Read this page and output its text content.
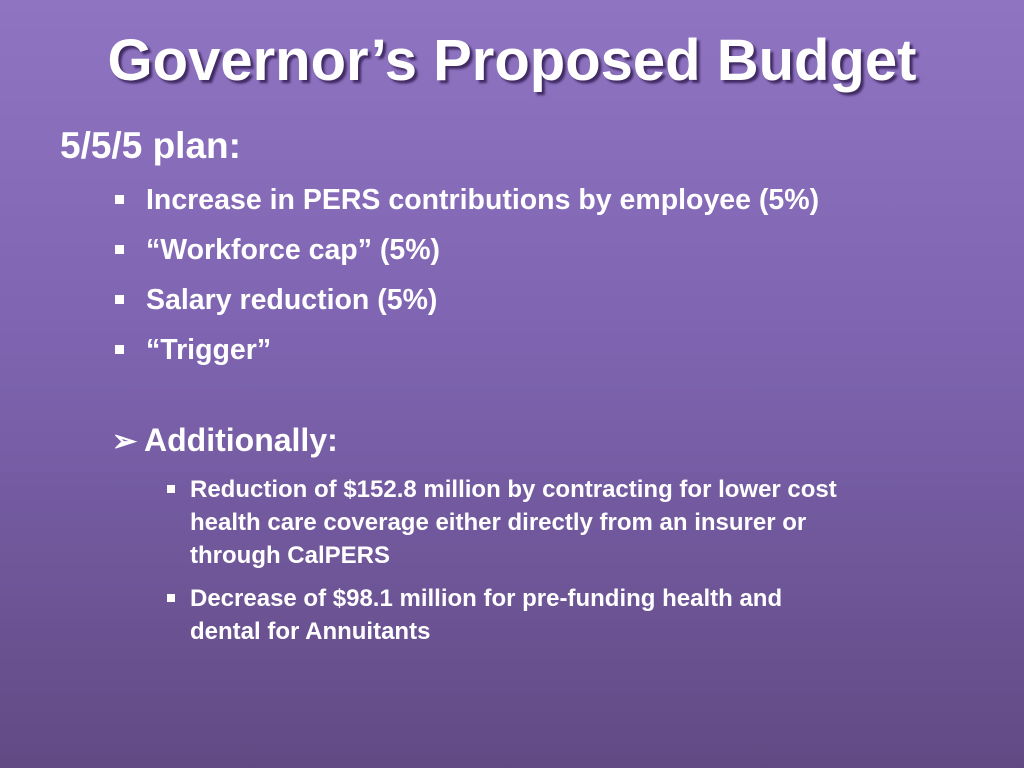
Governor’s Proposed Budget

5/5/5 plan:

Increase in PERS contributions by employee (5%)
“Workforce cap” (5%)
Salary reduction (5%)
“Trigger”
➢ Additionally:
Reduction of $152.8 million by contracting for lower cost
health care coverage either directly from an insurer or
through CalPERS
Decrease of $98.1 million for pre-funding health and
dental for Annuitants
